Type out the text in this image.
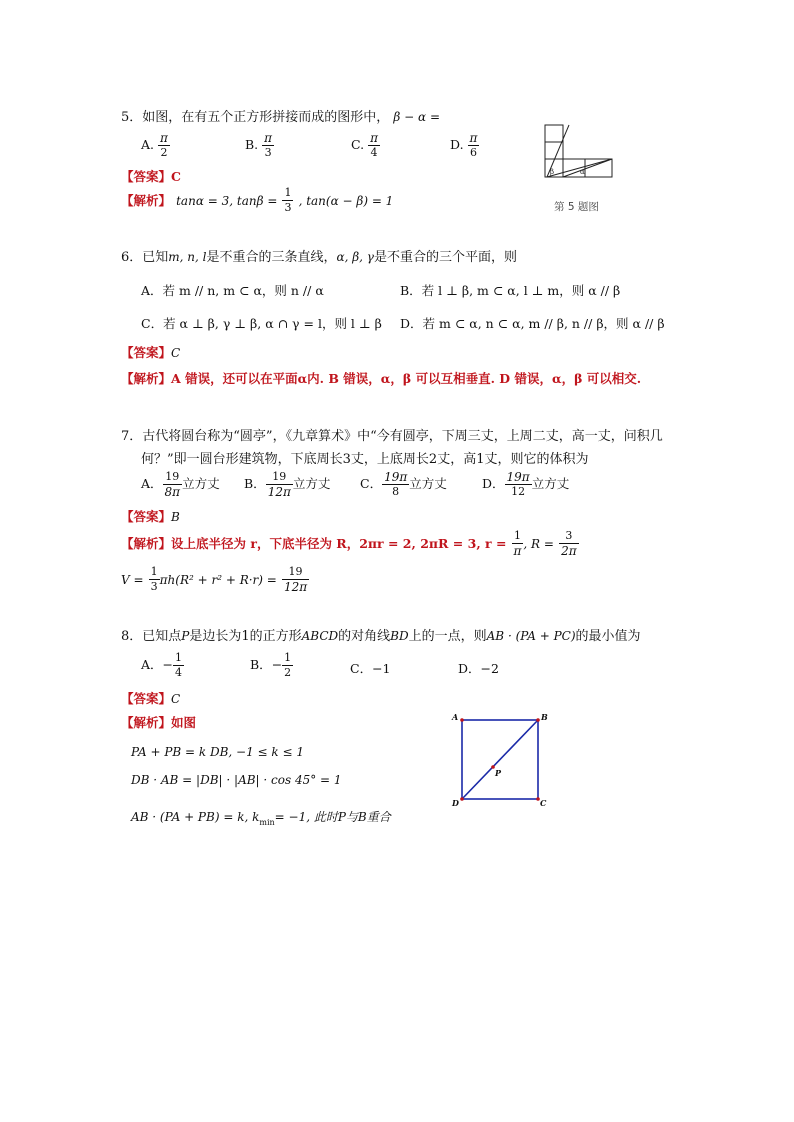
5．如图，在有五个正方形拼接而成的图形中， β − α =
A. $\frac{\pi}{2}$	B. $\frac{\pi}{3}$	C. $\frac{\pi}{4}$	D. $\frac{\pi}{6}$
【答案】C
【解析】 tanα = 3, $\tan\beta = \frac{1}{3}$ , tan(α − β) = 1
β	α
第 5 题图
6．已知m, n, l是不重合的三条直线，α, β, γ是不重合的三个平面，则
A．若 m // n, m ⊂ α，则 n // α	B．若 l ⊥ β, m ⊂ α, l ⊥ m，则 α // β
C．若 α ⊥ β, γ ⊥ β, α ∩ γ = l，则 l ⊥ β D．若 m ⊂ α, n ⊂ α, m // β, n // β，则 α // β
【答案】C
【解析】A 错误，还可以在平面α内. B 错误，α，β 可以互相垂直. D 错误，α，β 可以相交.
7．古代将圆台称为“圆亭”，《九章算术》中“今有圆亭，下周三丈，上周二丈，高一丈，问积几
何？”即一圆台形建筑物，下底周长3丈，上底周长2丈，高1丈，则它的体积为
A． $\frac{19}{8\pi}$ 立方丈 B． $\frac{19}{12\pi}$ 立方丈 C． $\frac{19\pi}{8}$ 立方丈	D． $\frac{19\pi}{12}$ 立方丈
【答案】B
【解析】设上底半径为 r，下底半径为 R，2πr = 2, 2πR = 3, $r = \frac{1}{\pi}$ , $R = \frac{3}{2\pi}$
$V = \frac{1}{3} \pi h(R^2 + r^2 + R\cdot r) = \frac{19}{12\pi}$
8．已知点P是边长为1的正方形ABCD的对角线BD上的一点，则AB · (PA + PC)的最小值为
A．− $\frac{1}{4}$	B．− $\frac{1}{2}$	C．−1	D．−2
【答案】C
【解析】如图
PA + PB = k DB, −1 ≤ k ≤ 1
DB · AB = |DB| · |AB| · cos 45° = 1
AB · (PA + PB) = k, $k_{min}= -1$, 此时P与B重合
A	B
C
D
P
